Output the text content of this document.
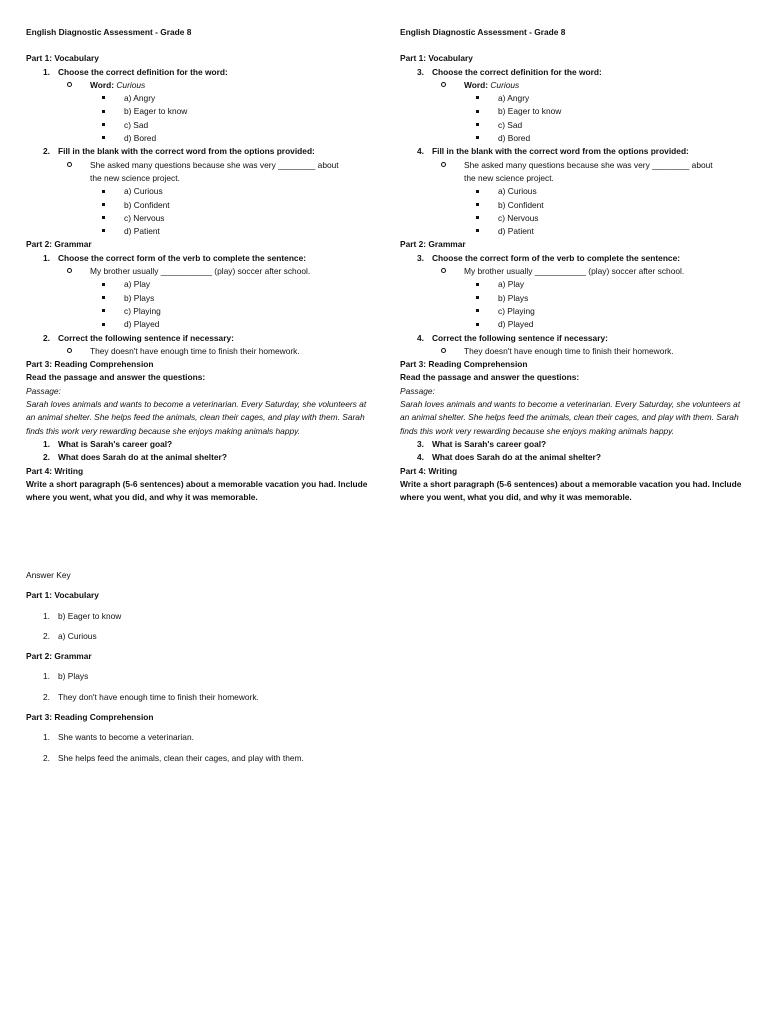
English Diagnostic Assessment - Grade 8
Part 1: Vocabulary
1. Choose the correct definition for the word:
Word: Curious
a) Angry
b) Eager to know
c) Sad
d) Bored
2. Fill in the blank with the correct word from the options provided:
She asked many questions because she was very ________ about
the new science project.
a) Curious
b) Confident
c) Nervous
d) Patient
Part 2: Grammar
1. Choose the correct form of the verb to complete the sentence:
My brother usually ___________ (play) soccer after school.
a) Play
b) Plays
c) Playing
d) Played
2. Correct the following sentence if necessary:
They doesn't have enough time to finish their homework.
Part 3: Reading Comprehension
Read the passage and answer the questions:
Passage:
Sarah loves animals and wants to become a veterinarian. Every Saturday, she volunteers at an animal shelter. She helps feed the animals, clean their cages, and play with them. Sarah finds this work very rewarding because she enjoys making animals happy.
1. What is Sarah's career goal?
2. What does Sarah do at the animal shelter?
Part 4: Writing
Write a short paragraph (5-6 sentences) about a memorable vacation you had. Include where you went, what you did, and why it was memorable.
English Diagnostic Assessment - Grade 8
Part 1: Vocabulary
3. Choose the correct definition for the word:
Word: Curious
a) Angry
b) Eager to know
c) Sad
d) Bored
4. Fill in the blank with the correct word from the options provided:
She asked many questions because she was very ________ about
the new science project.
a) Curious
b) Confident
c) Nervous
d) Patient
Part 2: Grammar
3. Choose the correct form of the verb to complete the sentence:
My brother usually ___________ (play) soccer after school.
a) Play
b) Plays
c) Playing
d) Played
4. Correct the following sentence if necessary:
They doesn't have enough time to finish their homework.
Part 3: Reading Comprehension
Read the passage and answer the questions:
Passage:
Sarah loves animals and wants to become a veterinarian. Every Saturday, she volunteers at an animal shelter. She helps feed the animals, clean their cages, and play with them. Sarah finds this work very rewarding because she enjoys making animals happy.
3. What is Sarah's career goal?
4. What does Sarah do at the animal shelter?
Part 4: Writing
Write a short paragraph (5-6 sentences) about a memorable vacation you had. Include where you went, what you did, and why it was memorable.
Answer Key
Part 1: Vocabulary
1. b) Eager to know
2. a) Curious
Part 2: Grammar
1. b) Plays
2. They don't have enough time to finish their homework.
Part 3: Reading Comprehension
1. She wants to become a veterinarian.
2. She helps feed the animals, clean their cages, and play with them.
